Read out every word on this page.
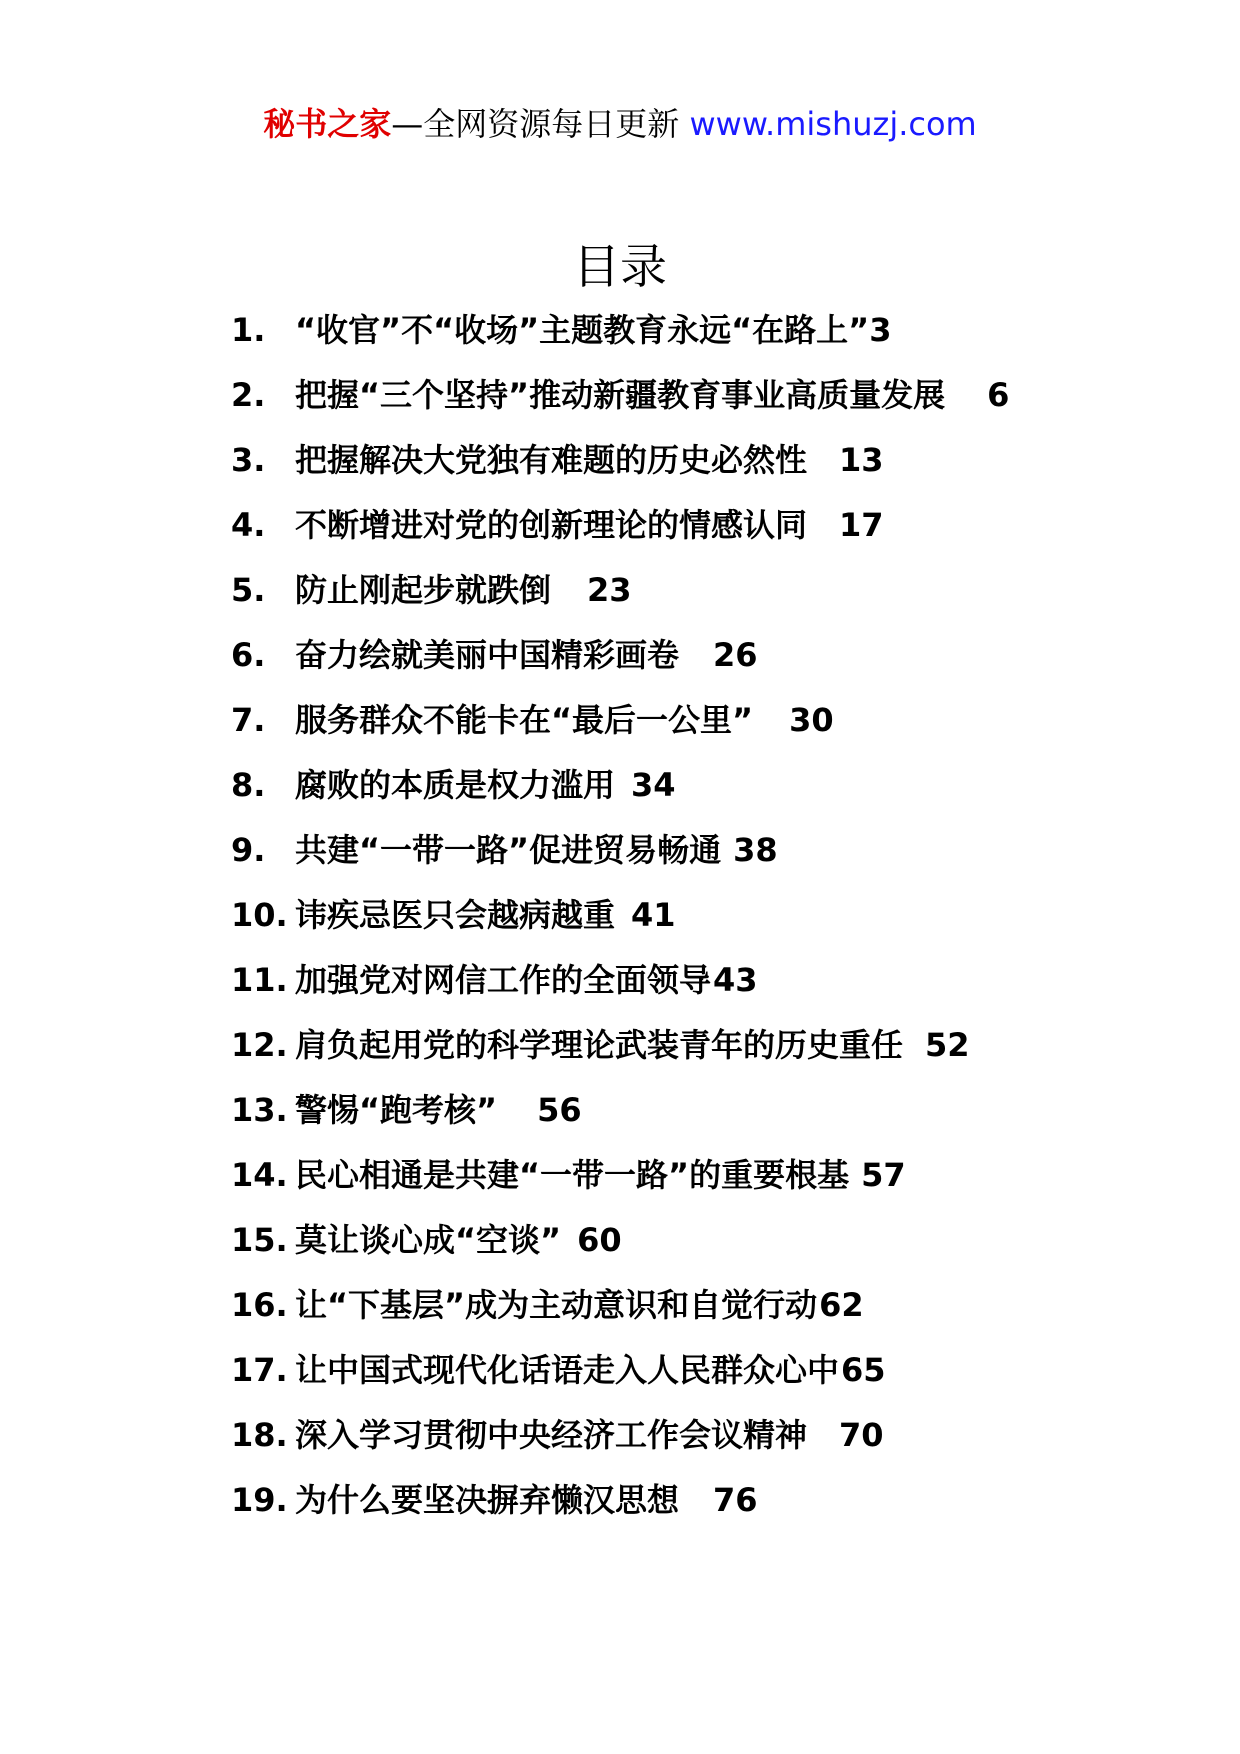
秘书之家—全网资源每日更新 www.mishuzj.com
目录
1. “收官”不“收场”主题教育永远“在路上”3
2. 把握“三个坚持”推动新疆教育事业高质量发展 6
3. 把握解决大党独有难题的历史必然性 13
4. 不断增进对党的创新理论的情感认同 17
5. 防止刚起步就跌倒 23
6. 奋力绘就美丽中国精彩画卷 26
7. 服务群众不能卡在“最后一公里” 30
8. 腐败的本质是权力滥用 34
9. 共建“一带一路”促进贸易畅通 38
10. 讳疾忌医只会越病越重 41
11. 加强党对网信工作的全面领导43
12. 肩负起用党的科学理论武装青年的历史重任 52
13. 警惕“跑考核” 56
14. 民心相通是共建“一带一路”的重要根基 57
15. 莫让谈心成“空谈” 60
16. 让“下基层”成为主动意识和自觉行动62
17. 让中国式现代化话语走入人民群众心中65
18. 深入学习贯彻中央经济工作会议精神 70
19. 为什么要坚决摒弃懒汉思想 76
